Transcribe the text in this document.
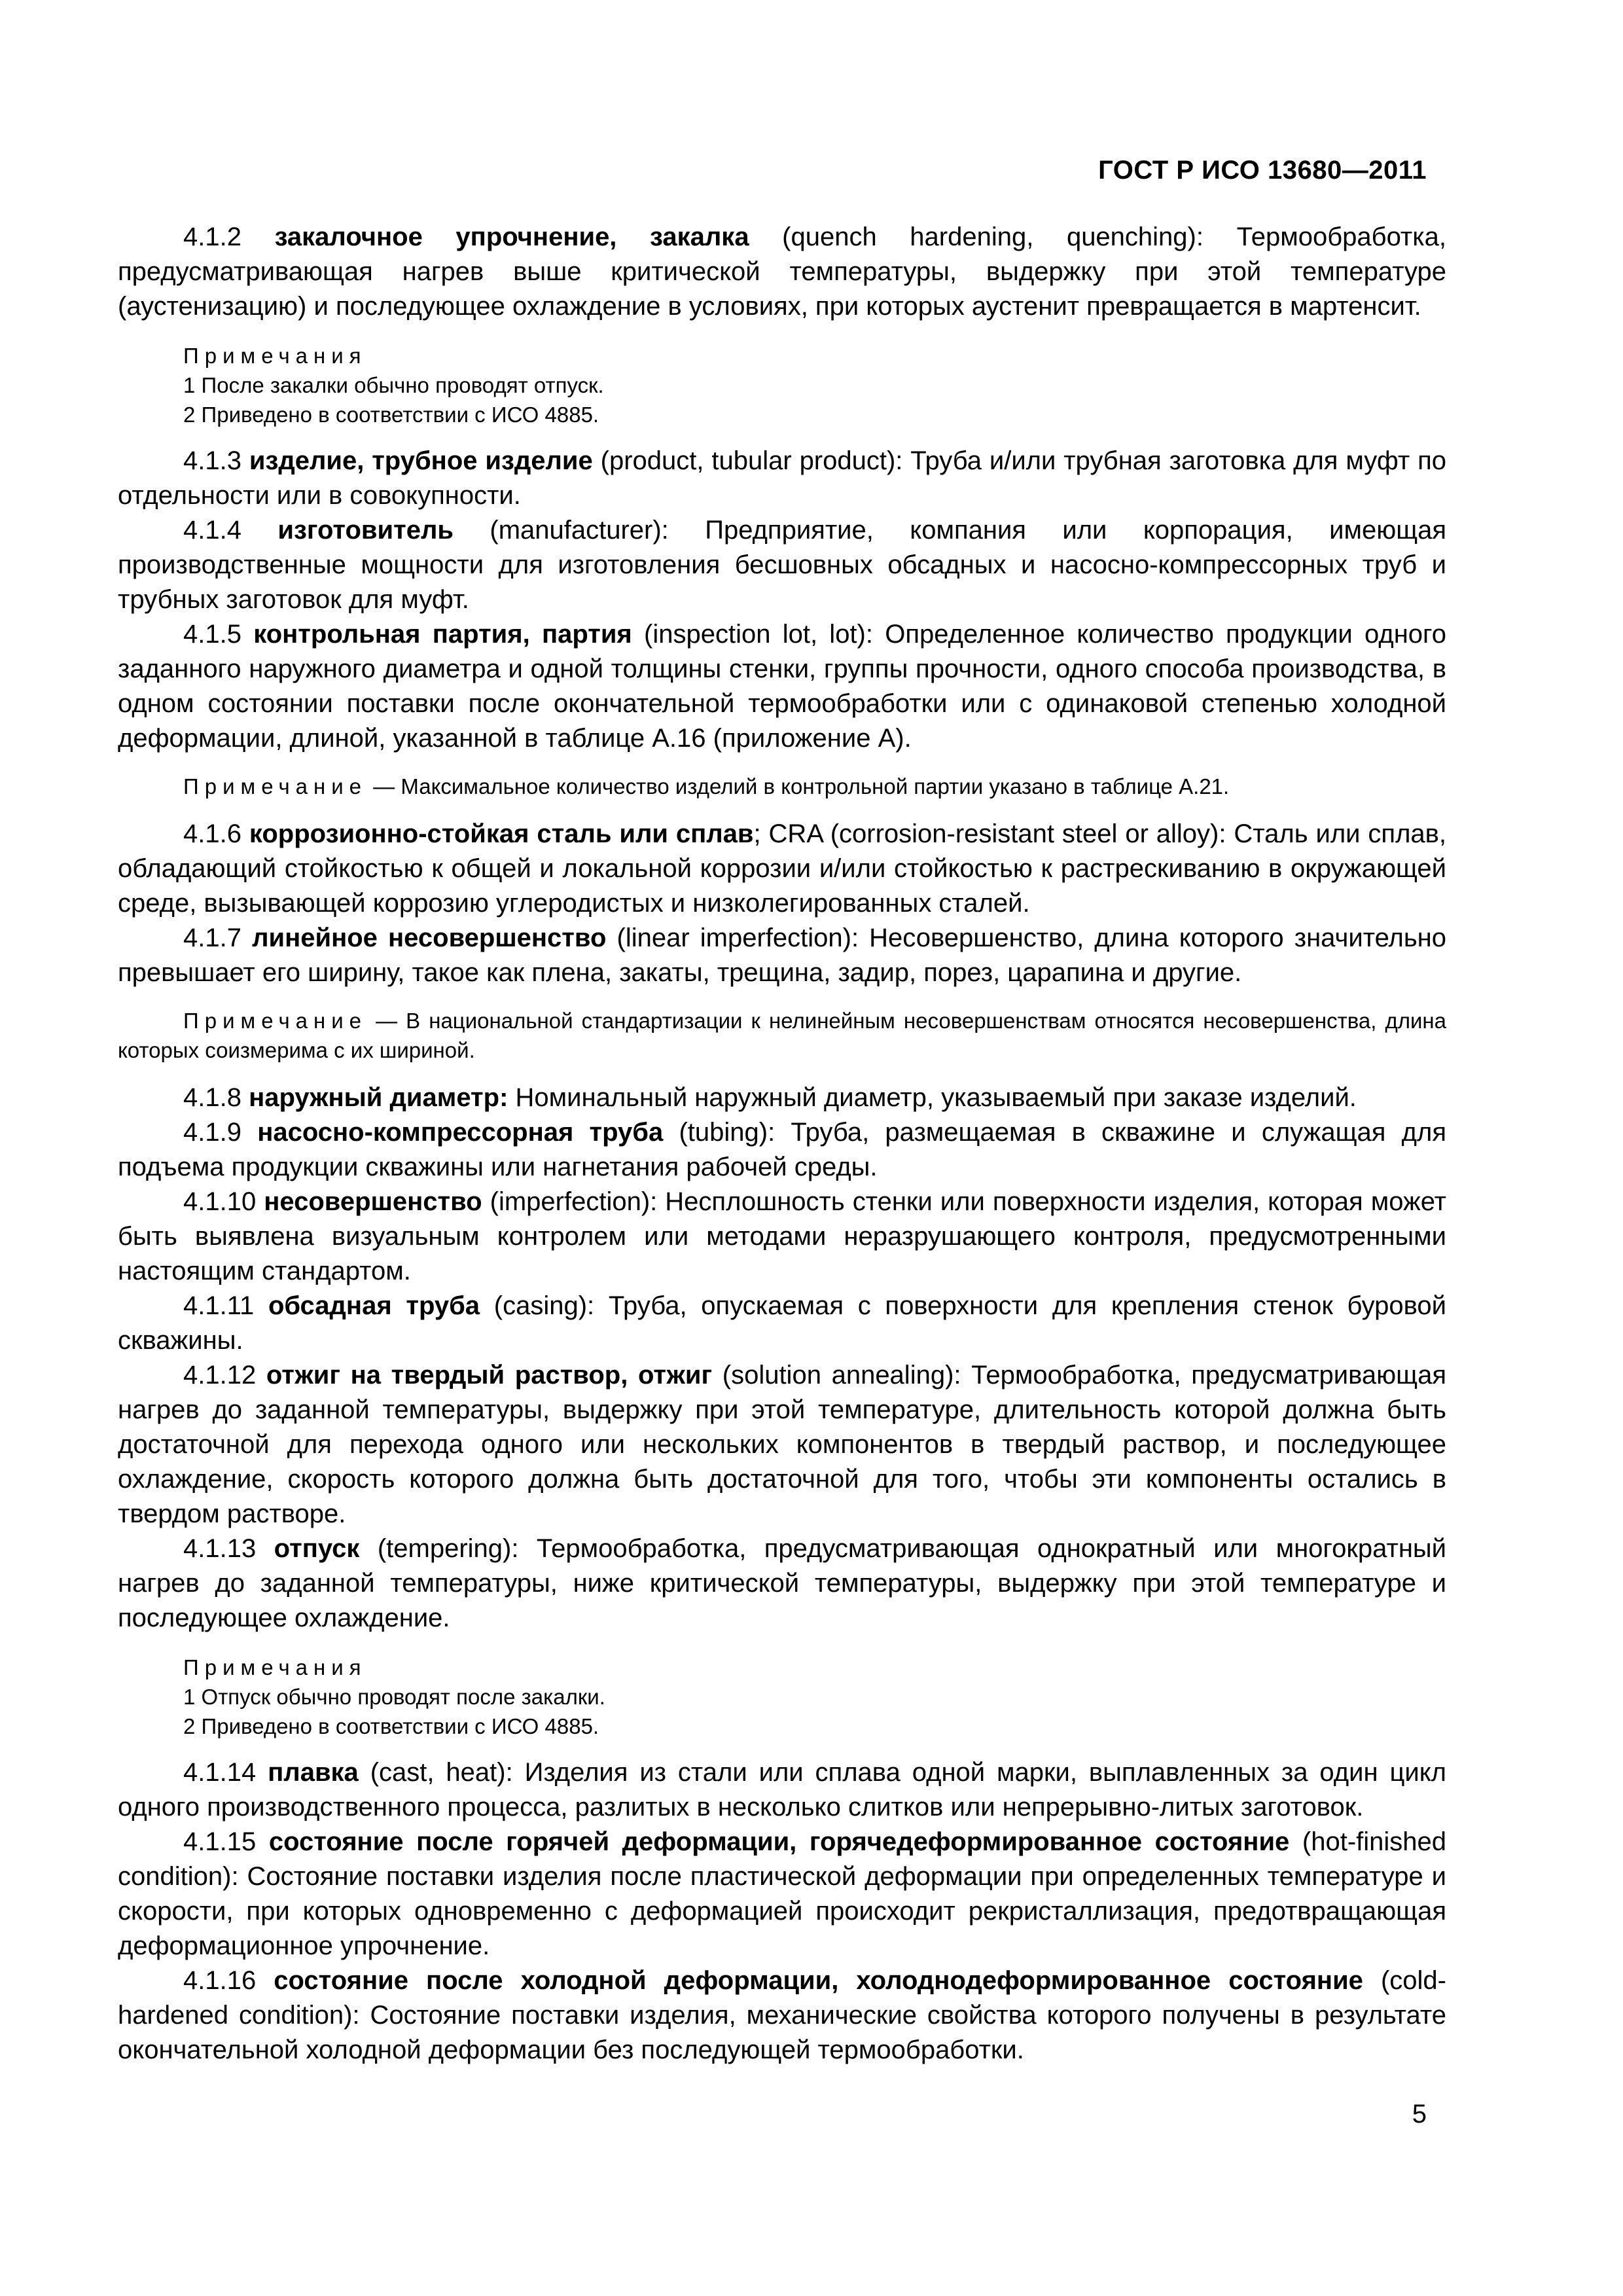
ГОСТ Р ИСО 13680—2011

4.1.2 закалочное упрочнение, закалка (quench hardening, quenching): Термообработка, предусматривающая нагрев выше критической температуры, выдержку при этой температуре (аустенизацию) и последующее охлаждение в условиях, при которых аустенит превращается в мартенсит.

Примечания
1 После закалки обычно проводят отпуск.
2 Приведено в соответствии с ИСО 4885.

4.1.3 изделие, трубное изделие (product, tubular product): Труба и/или трубная заготовка для муфт по отдельности или в совокупности.

4.1.4 изготовитель (manufacturer): Предприятие, компания или корпорация, имеющая производственные мощности для изготовления бесшовных обсадных и насосно-компрессорных труб и трубных заготовок для муфт.

4.1.5 контрольная партия, партия (inspection lot, lot): Определенное количество продукции одного заданного наружного диаметра и одной толщины стенки, группы прочности, одного способа производства, в одном состоянии поставки после окончательной термообработки или с одинаковой степенью холодной деформации, длиной, указанной в таблице А.16 (приложение А).

Примечание — Максимальное количество изделий в контрольной партии указано в таблице А.21.

4.1.6 коррозионно-стойкая сталь или сплав; CRA (corrosion-resistant steel or alloy): Сталь или сплав, обладающий стойкостью к общей и локальной коррозии и/или стойкостью к растрескиванию в окружающей среде, вызывающей коррозию углеродистых и низколегированных сталей.

4.1.7 линейное несовершенство (linear imperfection): Несовершенство, длина которого значительно превышает его ширину, такое как плена, закаты, трещина, задир, порез, царапина и другие.

Примечание — В национальной стандартизации к нелинейным несовершенствам относятся несовершенства, длина которых соизмерима с их шириной.

4.1.8 наружный диаметр: Номинальный наружный диаметр, указываемый при заказе изделий.

4.1.9 насосно-компрессорная труба (tubing): Труба, размещаемая в скважине и служащая для подъема продукции скважины или нагнетания рабочей среды.

4.1.10 несовершенство (imperfection): Несплошность стенки или поверхности изделия, которая может быть выявлена визуальным контролем или методами неразрушающего контроля, предусмотренными настоящим стандартом.

4.1.11 обсадная труба (casing): Труба, опускаемая с поверхности для крепления стенок буровой скважины.

4.1.12 отжиг на твердый раствор, отжиг (solution annealing): Термообработка, предусматривающая нагрев до заданной температуры, выдержку при этой температуре, длительность которой должна быть достаточной для перехода одного или нескольких компонентов в твердый раствор, и последующее охлаждение, скорость которого должна быть достаточной для того, чтобы эти компоненты остались в твердом растворе.

4.1.13 отпуск (tempering): Термообработка, предусматривающая однократный или многократный нагрев до заданной температуры, ниже критической температуры, выдержку при этой температуре и последующее охлаждение.

Примечания
1 Отпуск обычно проводят после закалки.
2 Приведено в соответствии с ИСО 4885.

4.1.14 плавка (cast, heat): Изделия из стали или сплава одной марки, выплавленных за один цикл одного производственного процесса, разлитых в несколько слитков или непрерывно-литых заготовок.

4.1.15 состояние после горячей деформации, горячедеформированное состояние (hot-finished condition): Состояние поставки изделия после пластической деформации при определенных температуре и скорости, при которых одновременно с деформацией происходит рекристаллизация, предотвращающая деформационное упрочнение.

4.1.16 состояние после холодной деформации, холоднодеформированное состояние (cold-hardened condition): Состояние поставки изделия, механические свойства которого получены в результате окончательной холодной деформации без последующей термообработки.

5
